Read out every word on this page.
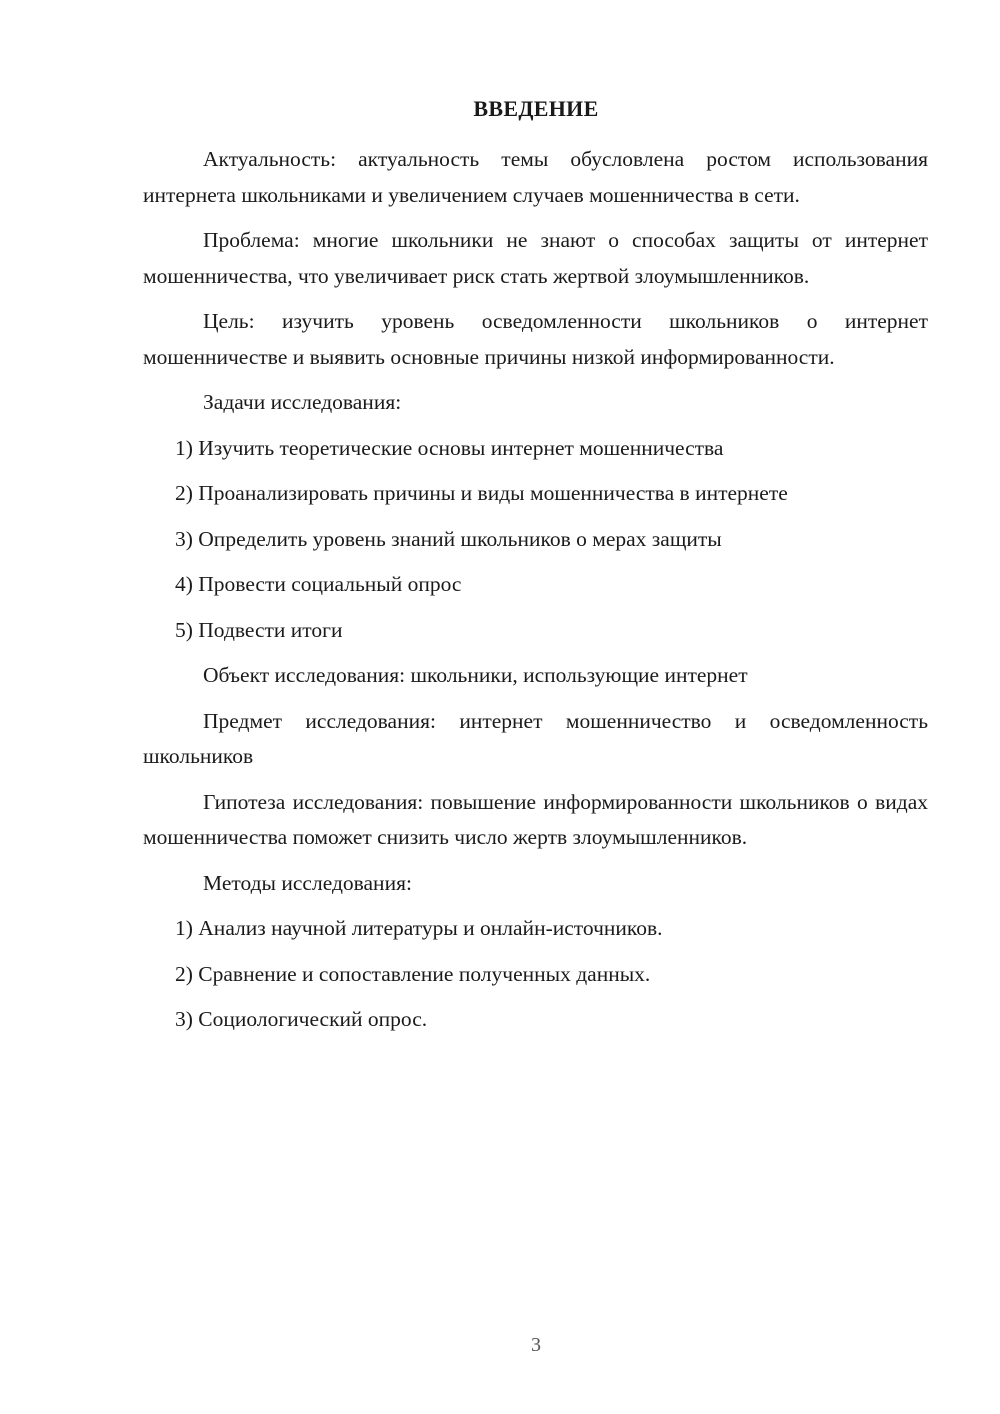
ВВЕДЕНИЕ

Актуальность: актуальность темы обусловлена ростом использования интернета школьниками и увеличением случаев мошенничества в сети.

Проблема: многие школьники не знают о способах защиты от интернет мошенничества, что увеличивает риск стать жертвой злоумышленников.

Цель: изучить уровень осведомленности школьников о интернет мошенничестве и выявить основные причины низкой информированности.

Задачи исследования:
1) Изучить теоретические основы интернет мошенничества
2) Проанализировать причины и виды мошенничества в интернете
3) Определить уровень знаний школьников о мерах защиты
4) Провести социальный опрос
5) Подвести итоги
Объект исследования: школьники, использующие интернет

Предмет исследования: интернет мошенничество и осведомленность школьников

Гипотеза исследования: повышение информированности школьников о видах мошенничества поможет снизить число жертв злоумышленников.

Методы исследования:
1) Анализ научной литературы и онлайн-источников.
2) Сравнение и сопоставление полученных данных.
3) Социологический опрос.
3
